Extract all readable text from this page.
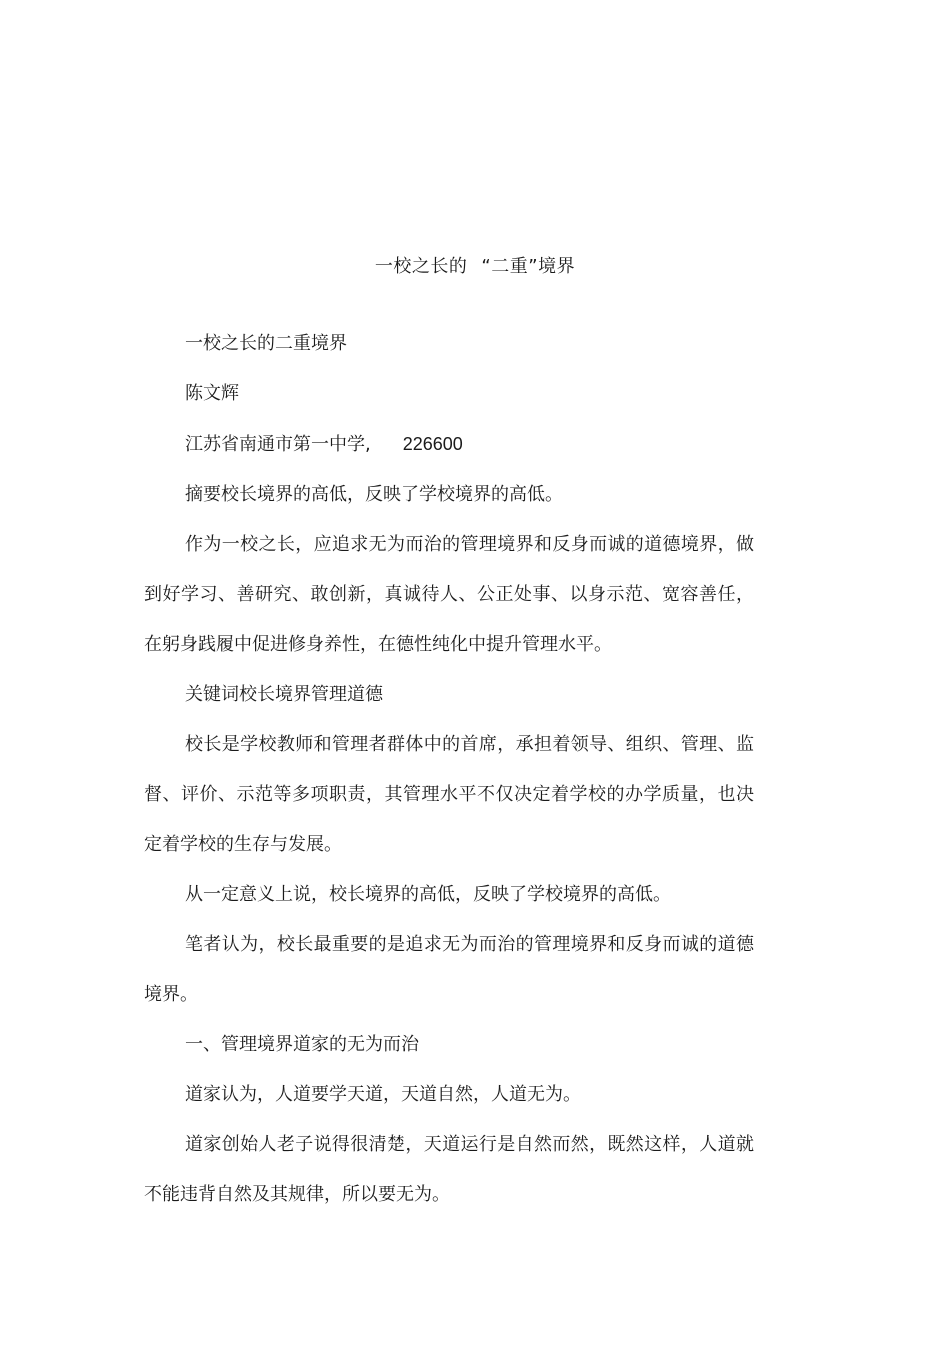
一校之长的 “二重”境界

一校之长的二重境界

陈文辉

江苏省南通市第一中学, 226600

摘要校长境界的高低，反映了学校境界的高低。

作为一校之长，应追求无为而治的管理境界和反身而诚的道德境界，做到好学习、善研究、敢创新，真诚待人、公正处事、以身示范、宽容善任，在躬身践履中促进修身养性，在德性纯化中提升管理水平。

关键词校长境界管理道德

校长是学校教师和管理者群体中的首席，承担着领导、组织、管理、监督、评价、示范等多项职责，其管理水平不仅决定着学校的办学质量，也决定着学校的生存与发展。

从一定意义上说，校长境界的高低，反映了学校境界的高低。

笔者认为，校长最重要的是追求无为而治的管理境界和反身而诚的道德境界。

一、管理境界道家的无为而治

道家认为，人道要学天道，天道自然，人道无为。

道家创始人老子说得很清楚，天道运行是自然而然，既然这样，人道就不能违背自然及其规律，所以要无为。
